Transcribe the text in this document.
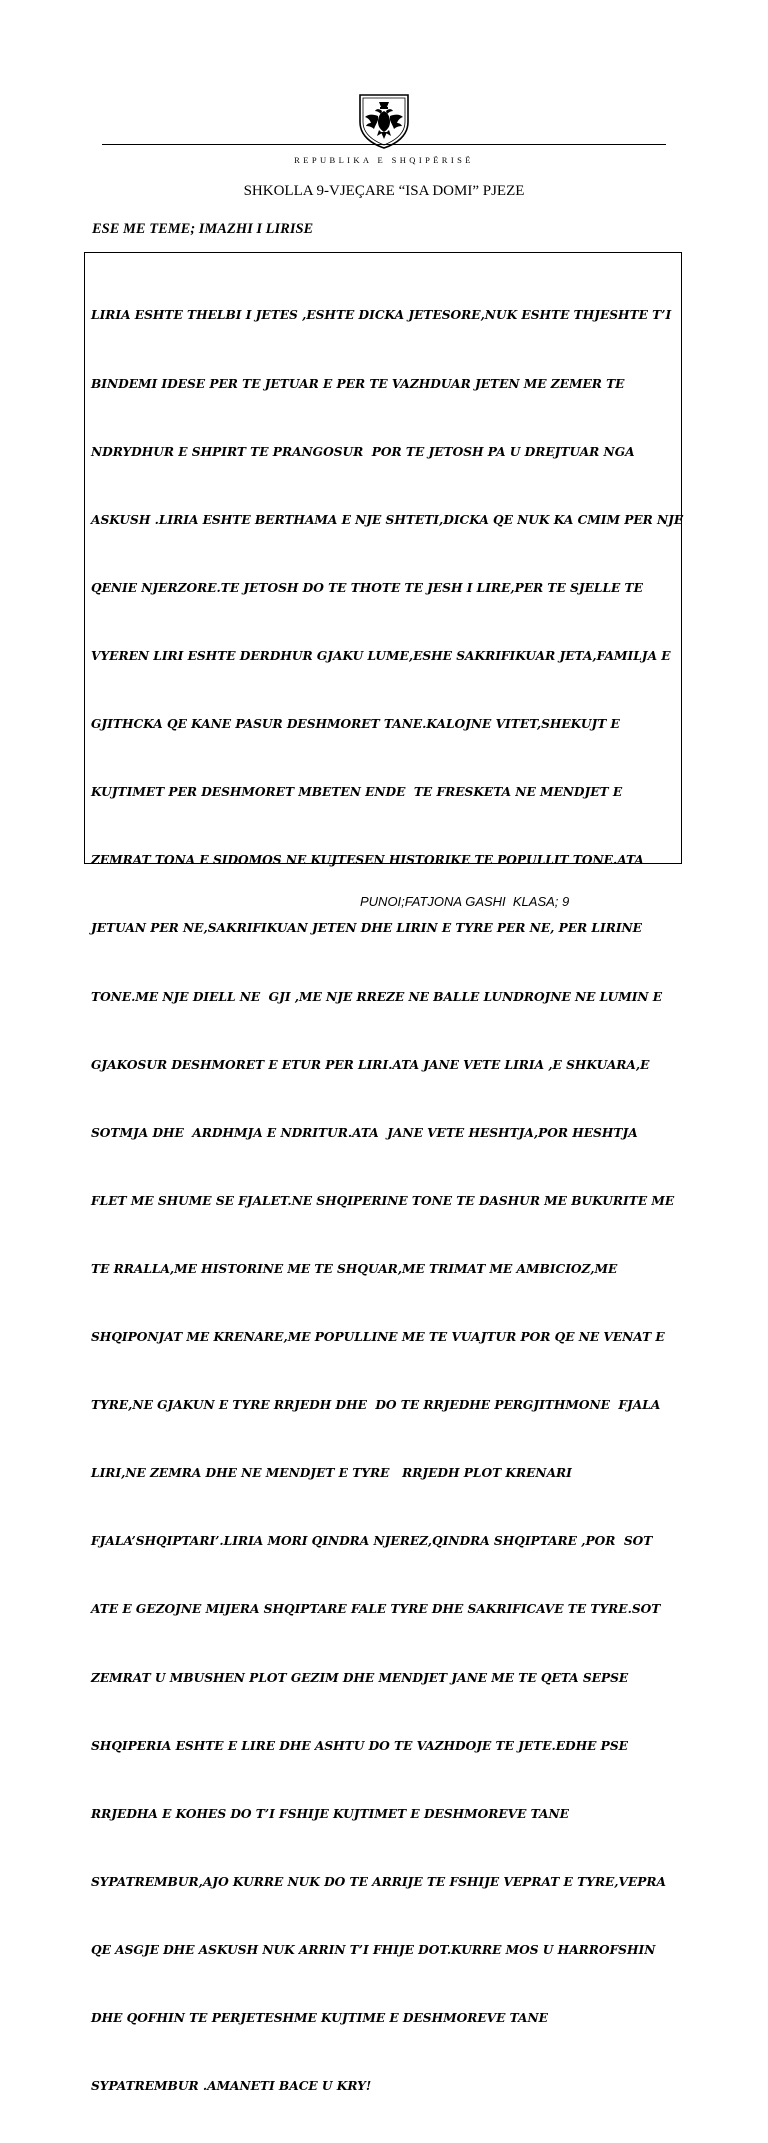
REPUBLIKA E SHQIPËRISË
SHKOLLA 9-VJEÇARE “ISA DOMI” PJEZE
ESE ME TEME; IMAZHI I LIRISE

LIRIA ESHTE THELBI I JETES ,ESHTE DICKA JETESORE,NUK ESHTE THJESHTE T’I

BINDEMI IDESE PER TE JETUAR E PER TE VAZHDUAR JETEN ME ZEMER TE

NDRYDHUR E SHPIRT TE PRANGOSUR  POR TE JETOSH PA U DREJTUAR NGA

ASKUSH .LIRIA ESHTE BERTHAMA E NJE SHTETI,DICKA QE NUK KA CMIM PER NJE

QENIE NJERZORE.TE JETOSH DO TE THOTE TE JESH I LIRE,PER TE SJELLE TE

VYEREN LIRI ESHTE DERDHUR GJAKU LUME,ESHE SAKRIFIKUAR JETA,FAMILJA E

GJITHCKA QE KANE PASUR DESHMORET TANE.KALOJNE VITET,SHEKUJT E

KUJTIMET PER DESHMORET MBETEN ENDE  TE FRESKETA NE MENDJET E

ZEMRAT TONA E SIDOMOS NE KUJTESEN HISTORIKE TE POPULLIT TONE.ATA

JETUAN PER NE,SAKRIFIKUAN JETEN DHE LIRIN E TYRE PER NE, PER LIRINE

TONE.ME NJE DIELL NE  GJI ,ME NJE RREZE NE BALLE LUNDROJNE NE LUMIN E

GJAKOSUR DESHMORET E ETUR PER LIRI.ATA JANE VETE LIRIA ,E SHKUARA,E

SOTMJA DHE  ARDHMJA E NDRITUR.ATA  JANE VETE HESHTJA,POR HESHTJA

FLET ME SHUME SE FJALET.NE SHQIPERINE TONE TE DASHUR ME BUKURITE ME

TE RRALLA,ME HISTORINE ME TE SHQUAR,ME TRIMAT ME AMBICIOZ,ME

SHQIPONJAT ME KRENARE,ME POPULLINE ME TE VUAJTUR POR QE NE VENAT E

TYRE,NE GJAKUN E TYRE RRJEDH DHE  DO TE RRJEDHE PERGJITHMONE  FJALA

LIRI,NE ZEMRA DHE NE MENDJET E TYRE   RRJEDH PLOT KRENARI

FJALA’SHQIPTARI’.LIRIA MORI QINDRA NJEREZ,QINDRA SHQIPTARE ,POR  SOT

ATE E GEZOJNE MIJERA SHQIPTARE FALE TYRE DHE SAKRIFICAVE TE TYRE.SOT

ZEMRAT U MBUSHEN PLOT GEZIM DHE MENDJET JANE ME TE QETA SEPSE

SHQIPERIA ESHTE E LIRE DHE ASHTU DO TE VAZHDOJE TE JETE.EDHE PSE

RRJEDHA E KOHES DO T’I FSHIJE KUJTIMET E DESHMOREVE TANE

SYPATREMBUR,AJO KURRE NUK DO TE ARRIJE TE FSHIJE VEPRAT E TYRE,VEPRA

QE ASGJE DHE ASKUSH NUK ARRIN T’I FHIJE DOT.KURRE MOS U HARROFSHIN

DHE QOFHIN TE PERJETESHME KUJTIME E DESHMOREVE TANE

SYPATREMBUR .AMANETI BACE U KRY!

PUNOI;FATJONA GASHI  KLASA; 9
